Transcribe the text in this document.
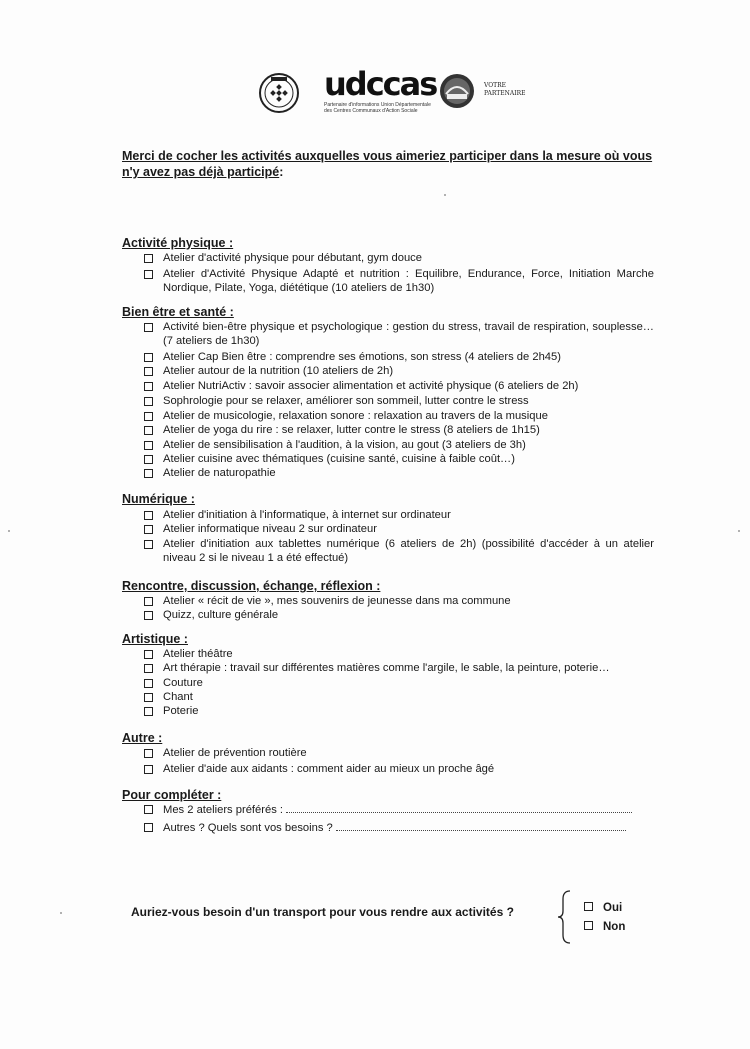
udccas
Partenaire d'informations Union Départementale des Centres Communaux d'Action Sociale
VOTRE PARTENAIRE
Merci de cocher les activités auxquelles vous aimeriez participer dans la mesure où vous n'y avez pas déjà participé:
Activité physique :
Atelier d'activité physique pour débutant, gym douce
Atelier d'Activité Physique Adapté et nutrition : Equilibre, Endurance, Force, Initiation Marche Nordique, Pilate, Yoga, diététique (10 ateliers de 1h30)
Bien être et santé :
Activité bien-être physique et psychologique : gestion du stress, travail de respiration, souplesse… (7 ateliers de 1h30)
Atelier Cap Bien être : comprendre ses émotions, son stress (4 ateliers de 2h45)
Atelier autour de la nutrition (10 ateliers de 2h)
Atelier NutriActiv : savoir associer alimentation et activité physique (6 ateliers de 2h)
Sophrologie pour se relaxer, améliorer son sommeil, lutter contre le stress
Atelier de musicologie, relaxation sonore : relaxation au travers de la musique
Atelier de yoga du rire : se relaxer, lutter contre le stress (8 ateliers de 1h15)
Atelier de sensibilisation à l'audition, à la vision, au gout (3 ateliers de 3h)
Atelier cuisine avec thématiques (cuisine santé, cuisine à faible coût…)
Atelier de naturopathie
Numérique :
Atelier d'initiation à l'informatique, à internet sur ordinateur
Atelier informatique niveau 2 sur ordinateur
Atelier d'initiation aux tablettes numérique (6 ateliers de 2h) (possibilité d'accéder à un atelier niveau 2 si le niveau 1 a été effectué)
Rencontre, discussion, échange, réflexion :
Atelier « récit de vie », mes souvenirs de jeunesse dans ma commune
Quizz, culture générale
Artistique :
Atelier théâtre
Art thérapie : travail sur différentes matières comme l'argile, le sable, la peinture, poterie…
Couture
Chant
Poterie
Autre :
Atelier de prévention routière
Atelier d'aide aux aidants : comment aider au mieux un proche âgé
Pour compléter :
Mes 2 ateliers préférés :
Autres ? Quels sont vos besoins ?
Auriez-vous besoin d'un transport pour vous rendre aux activités ?	Oui
Non
